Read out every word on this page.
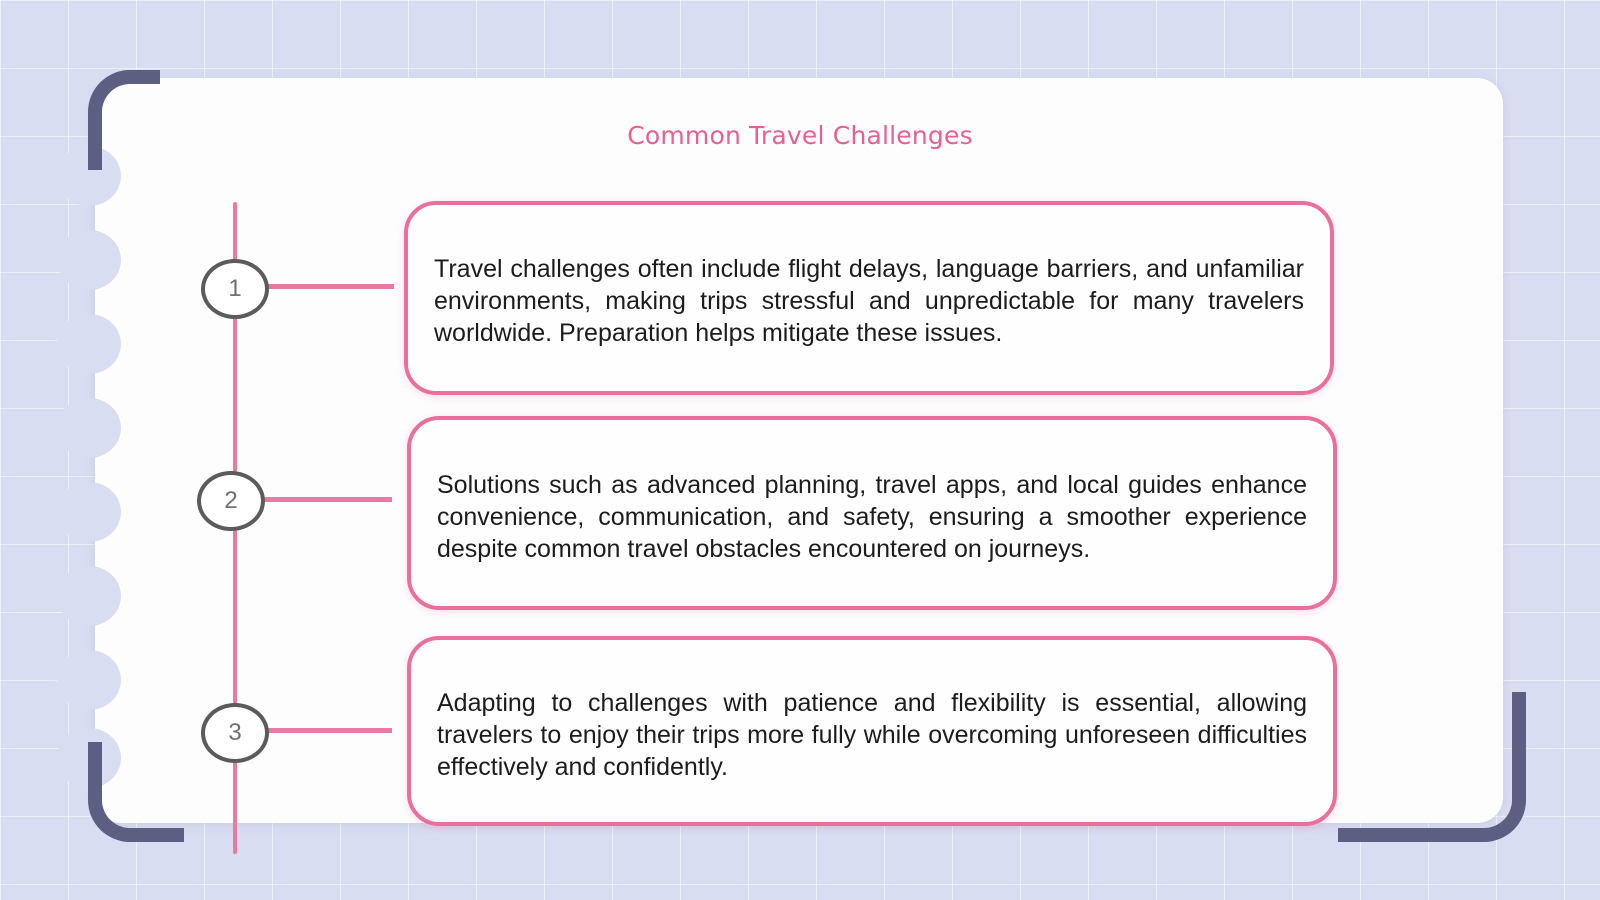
Common Travel Challenges
1

Travel challenges often include flight delays, language barriers, and unfamiliar environments, making trips stressful and unpredictable for many travelers worldwide. Preparation helps mitigate these issues.

2

Solutions such as advanced planning, travel apps, and local guides enhance convenience, communication, and safety, ensuring a smoother experience despite common travel obstacles encountered on journeys.

3

Adapting to challenges with patience and flexibility is essential, allowing travelers to enjoy their trips more fully while overcoming unforeseen difficulties effectively and confidently.
